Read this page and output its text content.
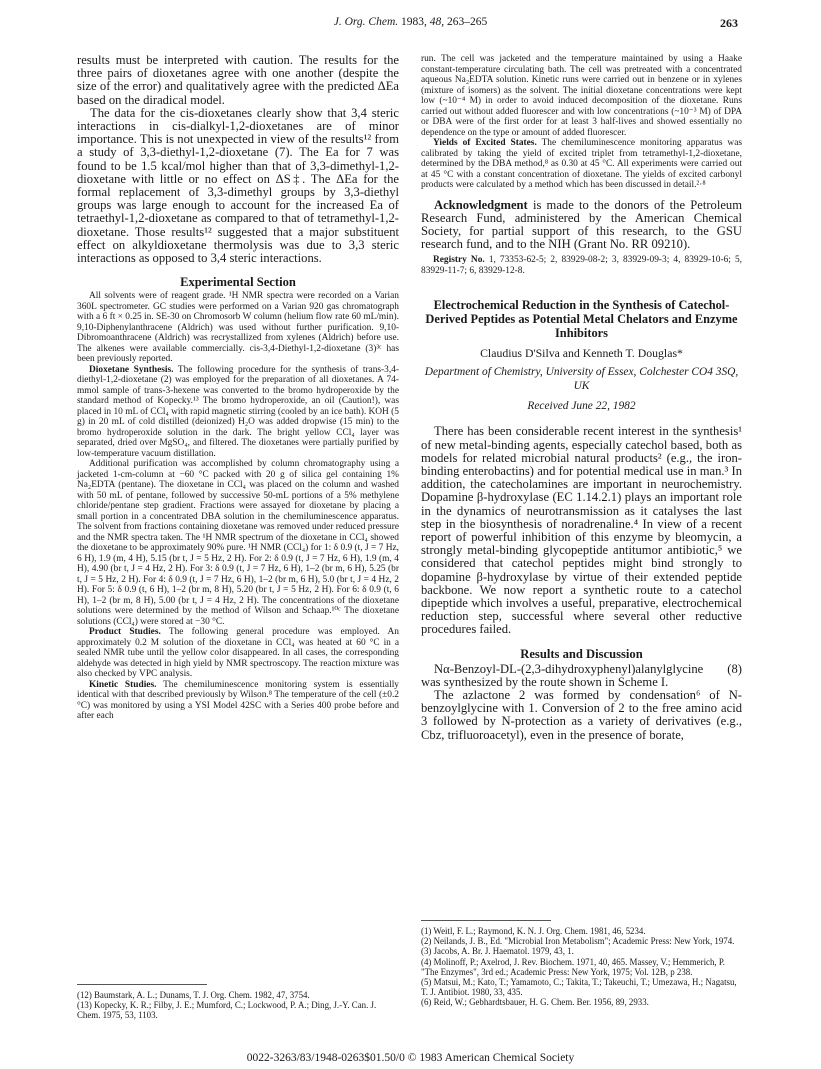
J. Org. Chem. 1983, 48, 263–265	263

results must be interpreted with caution. The results for the three pairs of dioxetanes agree with one another (despite the size of the error) and qualitatively agree with the predicted ΔEa based on the diradical model.

The data for the cis-dioxetanes clearly show that 3,4 steric interactions in cis-dialkyl-1,2-dioxetanes are of minor importance. This is not unexpected in view of the results¹² from a study of 3,3-diethyl-1,2-dioxetane (7). The Ea for 7 was found to be 1.5 kcal/mol higher than that of 3,3-dimethyl-1,2-dioxetane with little or no effect on ΔS‡. The ΔEa for the formal replacement of 3,3-dimethyl groups by 3,3-diethyl groups was large enough to account for the increased Ea of tetraethyl-1,2-dioxetane as compared to that of tetramethyl-1,2-dioxetane. Those results¹² suggested that a major substituent effect on alkyldioxetane thermolysis was due to 3,3 steric interactions as opposed to 3,4 steric interactions.

Experimental Section

All solvents were of reagent grade. ¹H NMR spectra were recorded on a Varian 360L spectrometer. GC studies were performed on a Varian 920 gas chromatograph with a 6 ft × 0.25 in. SE-30 on Chromosorb W column (helium flow rate 60 mL/min). 9,10-Diphenylanthracene (Aldrich) was used without further purification. 9,10-Dibromoanthracene (Aldrich) was recrystallized from xylenes (Aldrich) before use. The alkenes were available commercially. cis-3,4-Diethyl-1,2-dioxetane (3)³ᶜ has been previously reported.

Dioxetane Synthesis. The following procedure for the synthesis of trans-3,4-diethyl-1,2-dioxetane (2) was employed for the preparation of all dioxetanes. A 74-mmol sample of trans-3-hexene was converted to the bromo hydroperoxide by the standard method of Kopecky.¹³ The bromo hydroperoxide, an oil (Caution!), was placed in 10 mL of CCl₄ with rapid magnetic stirring (cooled by an ice bath). KOH (5 g) in 20 mL of cold distilled (deionized) H₂O was added dropwise (15 min) to the bromo hydroperoxide solution in the dark. The bright yellow CCl₄ layer was separated, dried over MgSO₄, and filtered. The dioxetanes were partially purified by low-temperature vacuum distillation.

Additional purification was accomplished by column chromatography using a jacketed 1-cm-column at −60 °C packed with 20 g of silica gel containing 1% Na₂EDTA (pentane). The dioxetane in CCl₄ was placed on the column and washed with 50 mL of pentane, followed by successive 50-mL portions of a 5% methylene chloride/pentane step gradient. Fractions were assayed for dioxetane by placing a small portion in a concentrated DBA solution in the chemiluminescence apparatus. The solvent from fractions containing dioxetane was removed under reduced pressure and the NMR spectra taken. The ¹H NMR spectrum of the dioxetane in CCl₄ showed the dioxetane to be approximately 90% pure. ¹H NMR (CCl₄) for 1: δ 0.9 (t, J = 7 Hz, 6 H), 1.9 (m, 4 H), 5.15 (br t, J = 5 Hz, 2 H). For 2: δ 0.9 (t, J = 7 Hz, 6 H), 1.9 (m, 4 H), 4.90 (br t, J = 4 Hz, 2 H). For 3: δ 0.9 (t, J = 7 Hz, 6 H), 1–2 (br m, 6 H), 5.25 (br t, J = 5 Hz, 2 H). For 4: δ 0.9 (t, J = 7 Hz, 6 H), 1–2 (br m, 6 H), 5.0 (br t, J = 4 Hz, 2 H). For 5: δ 0.9 (t, 6 H), 1–2 (br m, 8 H), 5.20 (br t, J = 5 Hz, 2 H). For 6: δ 0.9 (t, 6 H), 1–2 (br m, 8 H), 5.00 (br t, J = 4 Hz, 2 H). The concentrations of the dioxetane solutions were determined by the method of Wilson and Schaap.¹⁰ᶜ The dioxetane solutions (CCl₄) were stored at −30 °C.

Product Studies. The following general procedure was employed. An approximately 0.2 M solution of the dioxetane in CCl₄ was heated at 60 °C in a sealed NMR tube until the yellow color disappeared. In all cases, the corresponding aldehyde was detected in high yield by NMR spectroscopy. The reaction mixture was also checked by VPC analysis.

Kinetic Studies. The chemiluminescence monitoring system is essentially identical with that described previously by Wilson.⁸ The temperature of the cell (±0.2 °C) was monitored by using a YSI Model 42SC with a Series 400 probe before and after each

(12) Baumstark, A. L.; Dunams, T. J. Org. Chem. 1982, 47, 3754.

(13) Kopecky, K. R.; Filby, J. E.; Mumford, C.; Lockwood, P. A.; Ding, J.-Y. Can. J. Chem. 1975, 53, 1103.

run. The cell was jacketed and the temperature maintained by using a Haake constant-temperature circulating bath. The cell was pretreated with a concentrated aqueous Na₂EDTA solution. Kinetic runs were carried out in benzene or in xylenes (mixture of isomers) as the solvent. The initial dioxetane concentrations were kept low (~10⁻⁴ M) in order to avoid induced decomposition of the dioxetane. Runs carried out without added fluorescer and with low concentrations (~10⁻³ M) of DPA or DBA were of the first order for at least 3 half-lives and showed essentially no dependence on the type or amount of added fluorescer.

Yields of Excited States. The chemiluminescence monitoring apparatus was calibrated by taking the yield of excited triplet from tetramethyl-1,2-dioxetane, determined by the DBA method,⁸ as 0.30 at 45 °C. All experiments were carried out at 45 °C with a constant concentration of dioxetane. The yields of excited carbonyl products were calculated by a method which has been discussed in detail.²·⁸

Acknowledgment is made to the donors of the Petroleum Research Fund, administered by the American Chemical Society, for partial support of this research, to the GSU research fund, and to the NIH (Grant No. RR 09210).

Registry No. 1, 73353-62-5; 2, 83929-08-2; 3, 83929-09-3; 4, 83929-10-6; 5, 83929-11-7; 6, 83929-12-8.

Electrochemical Reduction in the Synthesis of Catechol-Derived Peptides as Potential Metal Chelators and Enzyme Inhibitors

Claudius D'Silva and Kenneth T. Douglas*

Department of Chemistry, University of Essex, Colchester CO4 3SQ, UK

Received June 22, 1982

There has been considerable recent interest in the synthesis¹ of new metal-binding agents, especially catechol based, both as models for related microbial natural products² (e.g., the iron-binding enterobactins) and for potential medical use in man.³ In addition, the catecholamines are important in neurochemistry. Dopamine β-hydroxylase (EC 1.14.2.1) plays an important role in the dynamics of neurotransmission as it catalyses the last step in the biosynthesis of noradrenaline.⁴ In view of a recent report of powerful inhibition of this enzyme by bleomycin, a strongly metal-binding glycopeptide antitumor antibiotic,⁵ we considered that catechol peptides might bind strongly to dopamine β-hydroxylase by virtue of their extended peptide backbone. We now report a synthetic route to a catechol dipeptide which involves a useful, preparative, electrochemical reduction step, successful where several other reductive procedures failed.

Results and Discussion

Nα-Benzoyl-DL-(2,3-dihydroxyphenyl)alanylglycine (8) was synthesized by the route shown in Scheme I.

The azlactone 2 was formed by condensation⁶ of N-benzoylglycine with 1. Conversion of 2 to the free amino acid 3 followed by N-protection as a variety of derivatives (e.g., Cbz, trifluoroacetyl), even in the presence of borate,

(1) Weitl, F. L.; Raymond, K. N. J. Org. Chem. 1981, 46, 5234.

(2) Neilands, J. B., Ed. "Microbial Iron Metabolism"; Academic Press: New York, 1974.

(3) Jacobs, A. Br. J. Haematol. 1979, 43, 1.

(4) Molinoff, P.; Axelrod, J. Rev. Biochem. 1971, 40, 465. Massey, V.; Hemmerich, P. "The Enzymes", 3rd ed.; Academic Press: New York, 1975; Vol. 12B, p 238.

(5) Matsui, M.; Kato, T.; Yamamoto, C.; Takita, T.; Takeuchi, T.; Umezawa, H.; Nagatsu, T. J. Antibiot. 1980, 33, 435.

(6) Reid, W.; Gebhardtsbauer, H. G. Chem. Ber. 1956, 89, 2933.

0022-3263/83/1948-0263$01.50/0 © 1983 American Chemical Society
